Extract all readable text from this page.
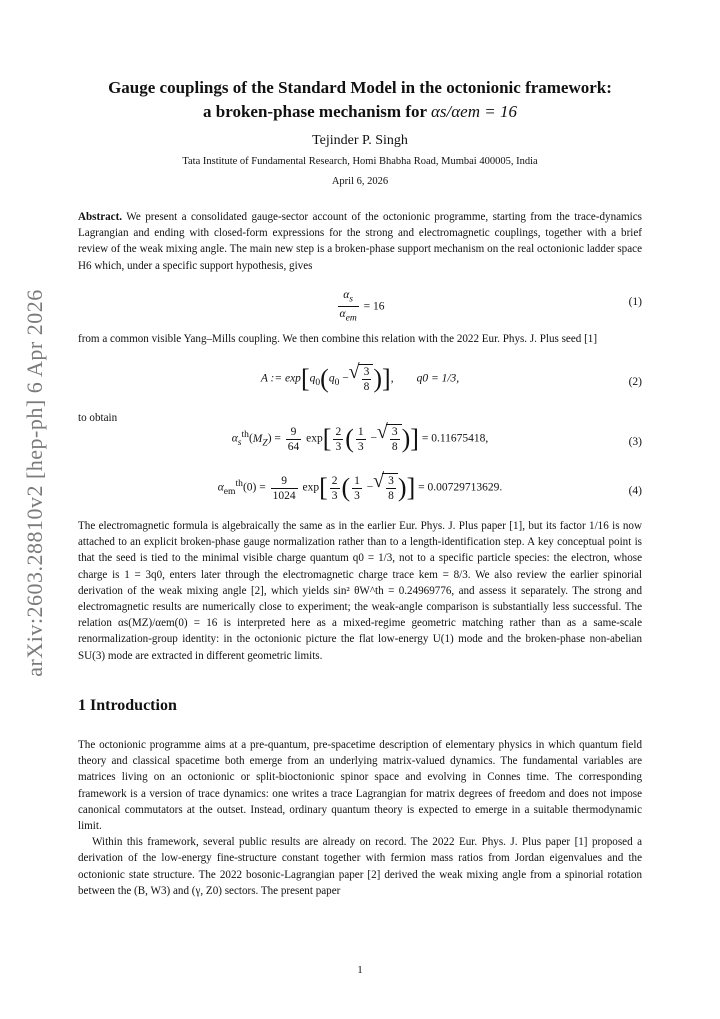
arXiv:2603.28810v2 [hep-ph] 6 Apr 2026
Gauge couplings of the Standard Model in the octonionic framework:
a broken-phase mechanism for αs/αem = 16
Tejinder P. Singh
Tata Institute of Fundamental Research, Homi Bhabha Road, Mumbai 400005, India
April 6, 2026

Abstract. We present a consolidated gauge-sector account of the octonionic programme, starting from the trace-dynamics Lagrangian and ending with closed-form expressions for the strong and electromagnetic couplings, together with a brief review of the weak mixing angle. The main new step is a broken-phase support mechanism on the real octonionic ladder space H6 which, under a specific support hypothesis, gives

$\frac{\alpha_s}{\alpha_{em}} = 16$	(1)

from a common visible Yang–Mills coupling. We then combine this relation with the 2022 Eur. Phys. J. Plus seed [1]

A := $\exp[q_0(q_0$ − √ $\frac{3}{8}$ )],        q0 = 1/3,	(2)

to obtain

$\alpha_s^{th}(M_Z) = \frac{9}{64} \exp[ \frac{2}{3}$ ( $\frac{1}{3}$ − √ $\frac{3}{8}$ )] = 0.11675418,	(3)
$\alpha_{em}^{th}(0) = \frac{9}{1024} \exp[ \frac{2}{3}$ ( $\frac{1}{3}$ − √ $\frac{3}{8}$ )] = 0.00729713629.	(4)

The electromagnetic formula is algebraically the same as in the earlier Eur. Phys. J. Plus paper [1], but its factor 1/16 is now attached to an explicit broken-phase gauge normalization rather than to a length-identification step. A key conceptual point is that the seed is tied to the minimal visible charge quantum q0 = 1/3, not to a specific particle species: the electron, whose charge is 1 = 3q0, enters later through the electromagnetic charge trace kem = 8/3. We also review the earlier spinorial derivation of the weak mixing angle [2], which yields sin² θW^th = 0.24969776, and assess it separately. The strong and electromagnetic results are numerically close to experiment; the weak-angle comparison is substantially less successful. The relation αs(MZ)/αem(0) = 16 is interpreted here as a mixed-regime geometric matching rather than as a same-scale renormalization-group identity: in the octonionic picture the flat low-energy U(1) mode and the broken-phase non-abelian SU(3) mode are extracted in different geometric limits.

1 Introduction

The octonionic programme aims at a pre-quantum, pre-spacetime description of elementary physics in which quantum field theory and classical spacetime both emerge from an underlying matrix-valued dynamics. The fundamental variables are matrices living on an octonionic or split-bioctonionic spinor space and evolving in Connes time. The corresponding framework is a version of trace dynamics: one writes a trace Lagrangian for matrix degrees of freedom and does not impose canonical commutators at the outset. Instead, ordinary quantum theory is expected to emerge in a suitable thermodynamic limit.

Within this framework, several public results are already on record. The 2022 Eur. Phys. J. Plus paper [1] proposed a derivation of the low-energy fine-structure constant together with fermion mass ratios from Jordan eigenvalues and the octonionic state structure. The 2022 bosonic-Lagrangian paper [2] derived the weak mixing angle from a spinorial rotation between the (B, W3) and (γ, Z0) sectors. The present paper

1
